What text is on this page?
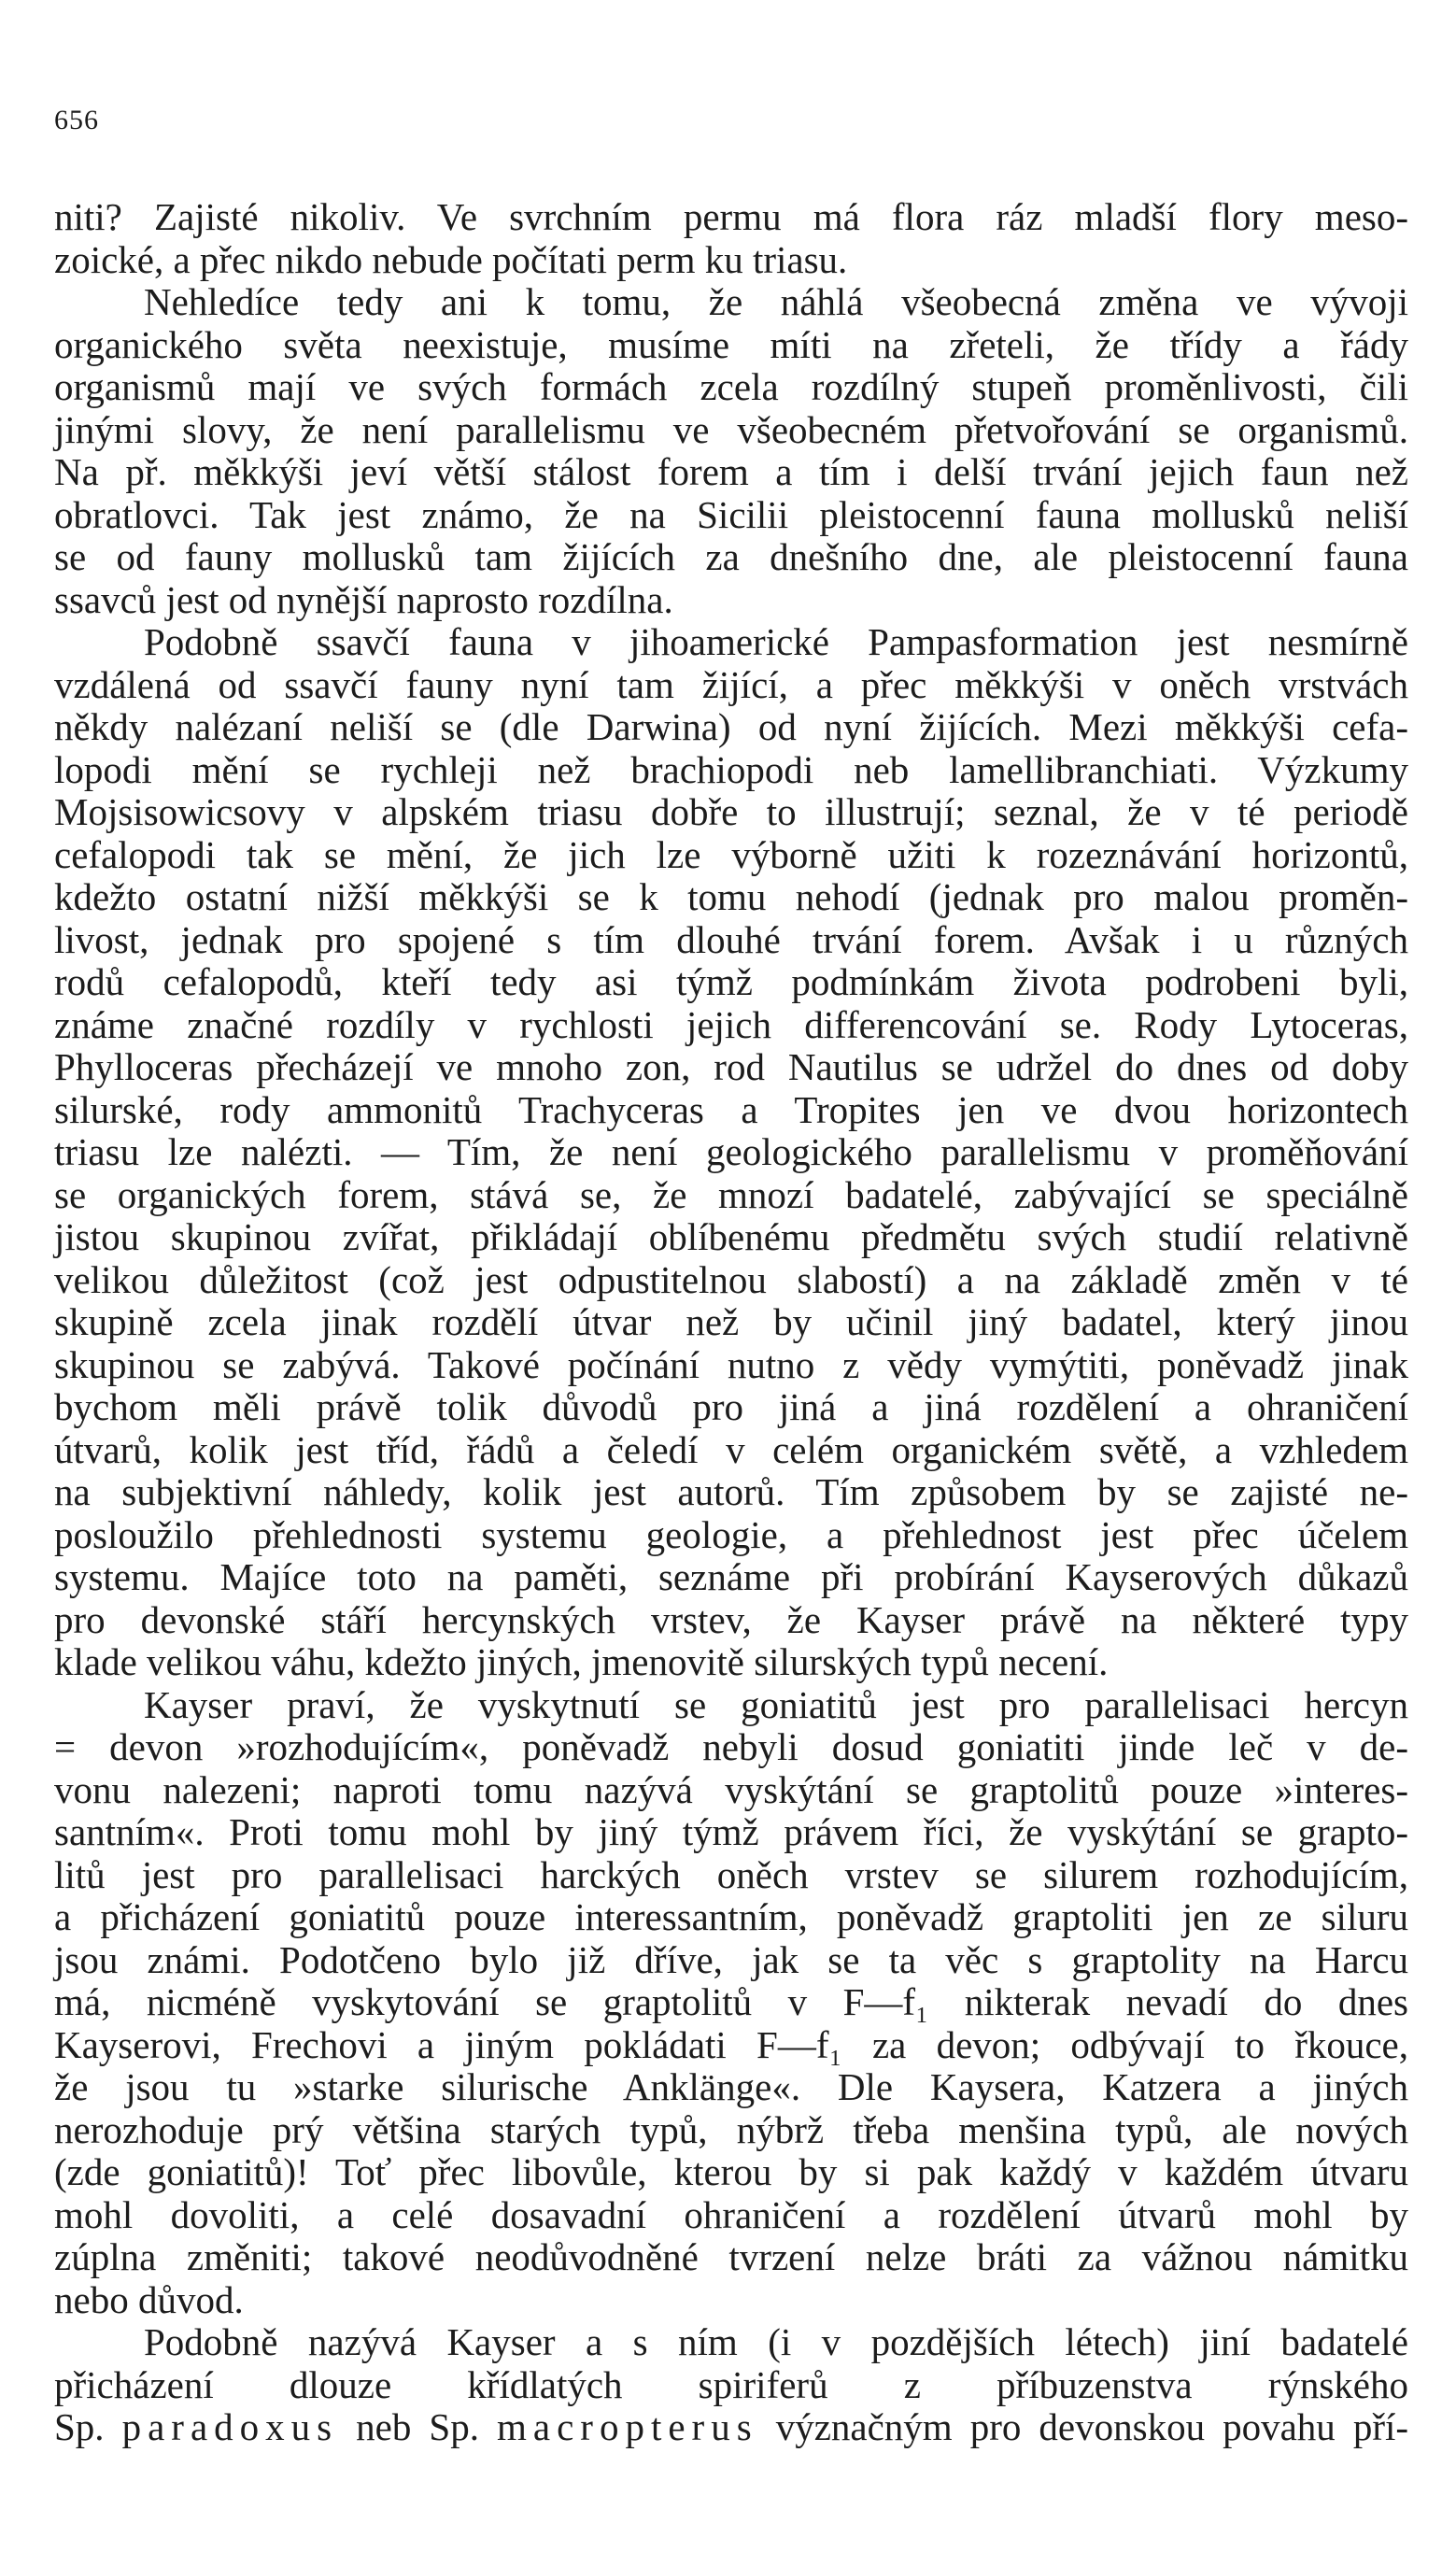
656

niti? Zajisté nikoliv. Ve svrchním permu má flora ráz mladší flory meso-
zoické, a přec nikdo nebude počítati perm ku triasu.

Nehledíce tedy ani k tomu, že náhlá všeobecná změna ve vývoji
organického světa neexistuje, musíme míti na zřeteli, že třídy a řády
organismů mají ve svých formách zcela rozdílný stupeň proměnlivosti, čili
jinými slovy, že není parallelismu ve všeobecném přetvořování se organismů.
Na př. měkkýši jeví větší stálost forem a tím i delší trvání jejich faun než
obratlovci. Tak jest známo, že na Sicilii pleistocenní fauna mollusků neliší
se od fauny mollusků tam žijících za dnešního dne, ale pleistocenní fauna
ssavců jest od nynější naprosto rozdílna.

Podobně ssavčí fauna v jihoamerické Pampasformation jest nesmírně
vzdálená od ssavčí fauny nyní tam žijící, a přec měkkýši v oněch vrstvách
někdy nalézaní neliší se (dle Darwina) od nyní žijících. Mezi měkkýši cefa-
lopodi mění se rychleji než brachiopodi neb lamellibranchiati. Výzkumy
Mojsisowicsovy v alpském triasu dobře to illustrují; seznal, že v té periodě
cefalopodi tak se mění, že jich lze výborně užiti k rozeznávání horizontů,
kdežto ostatní nižší měkkýši se k tomu nehodí (jednak pro malou proměn-
livost, jednak pro spojené s tím dlouhé trvání forem. Avšak i u různých
rodů cefalopodů, kteří tedy asi týmž podmínkám života podrobeni byli,
známe značné rozdíly v rychlosti jejich differencování se. Rody Lytoceras,
Phylloceras přecházejí ve mnoho zon, rod Nautilus se udržel do dnes od doby
silurské, rody ammonitů Trachyceras a Tropites jen ve dvou horizontech
triasu lze nalézti. — Tím, že není geologického parallelismu v proměňování
se organických forem, stává se, že mnozí badatelé, zabývající se speciálně
jistou skupinou zvířat, přikládají oblíbenému předmětu svých studií relativně
velikou důležitost (což jest odpustitelnou slabostí) a na základě změn v té
skupině zcela jinak rozdělí útvar než by učinil jiný badatel, který jinou
skupinou se zabývá. Takové počínání nutno z vědy vymýtiti, poněvadž jinak
bychom měli právě tolik důvodů pro jiná a jiná rozdělení a ohraničení
útvarů, kolik jest tříd, řádů a čeledí v celém organickém světě, a vzhledem
na subjektivní náhledy, kolik jest autorů. Tím způsobem by se zajisté ne-
posloužilo přehlednosti systemu geologie, a přehlednost jest přec účelem
systemu. Majíce toto na paměti, seznáme při probírání Kayserových důkazů
pro devonské stáří hercynských vrstev, že Kayser právě na některé typy
klade velikou váhu, kdežto jiných, jmenovitě silurských typů necení.

Kayser praví, že vyskytnutí se goniatitů jest pro parallelisaci hercyn
= devon »rozhodujícím«, poněvadž nebyli dosud goniatiti jinde leč v de-
vonu nalezeni; naproti tomu nazývá vyskýtání se graptolitů pouze »interes-
santním«. Proti tomu mohl by jiný týmž právem říci, že vyskýtání se grapto-
litů jest pro parallelisaci harckých oněch vrstev se silurem rozhodujícím,
a přicházení goniatitů pouze interessantním, poněvadž graptoliti jen ze siluru
jsou známi. Podotčeno bylo již dříve, jak se ta věc s graptolity na Harcu
má, nicméně vyskytování se graptolitů v F—f₁ nikterak nevadí do dnes
Kayserovi, Frechovi a jiným pokládati F—f₁ za devon; odbývají to řkouce,
že jsou tu »starke silurische Anklänge«. Dle Kaysera, Katzera a jiných
nerozhoduje prý většina starých typů, nýbrž třeba menšina typů, ale nových
(zde goniatitů)! Toť přec libovůle, kterou by si pak každý v každém útvaru
mohl dovoliti, a celé dosavadní ohraničení a rozdělení útvarů mohl by
zúplna změniti; takové neodůvodněné tvrzení nelze bráti za vážnou námitku
nebo důvod.

Podobně nazývá Kayser a s ním (i v pozdějších létech) jiní badatelé
přicházení dlouze křídlatých spiriferů z příbuzenstva rýnského
Sp. paradoxus neb Sp. macropterus význačným pro devonskou povahu pří-
